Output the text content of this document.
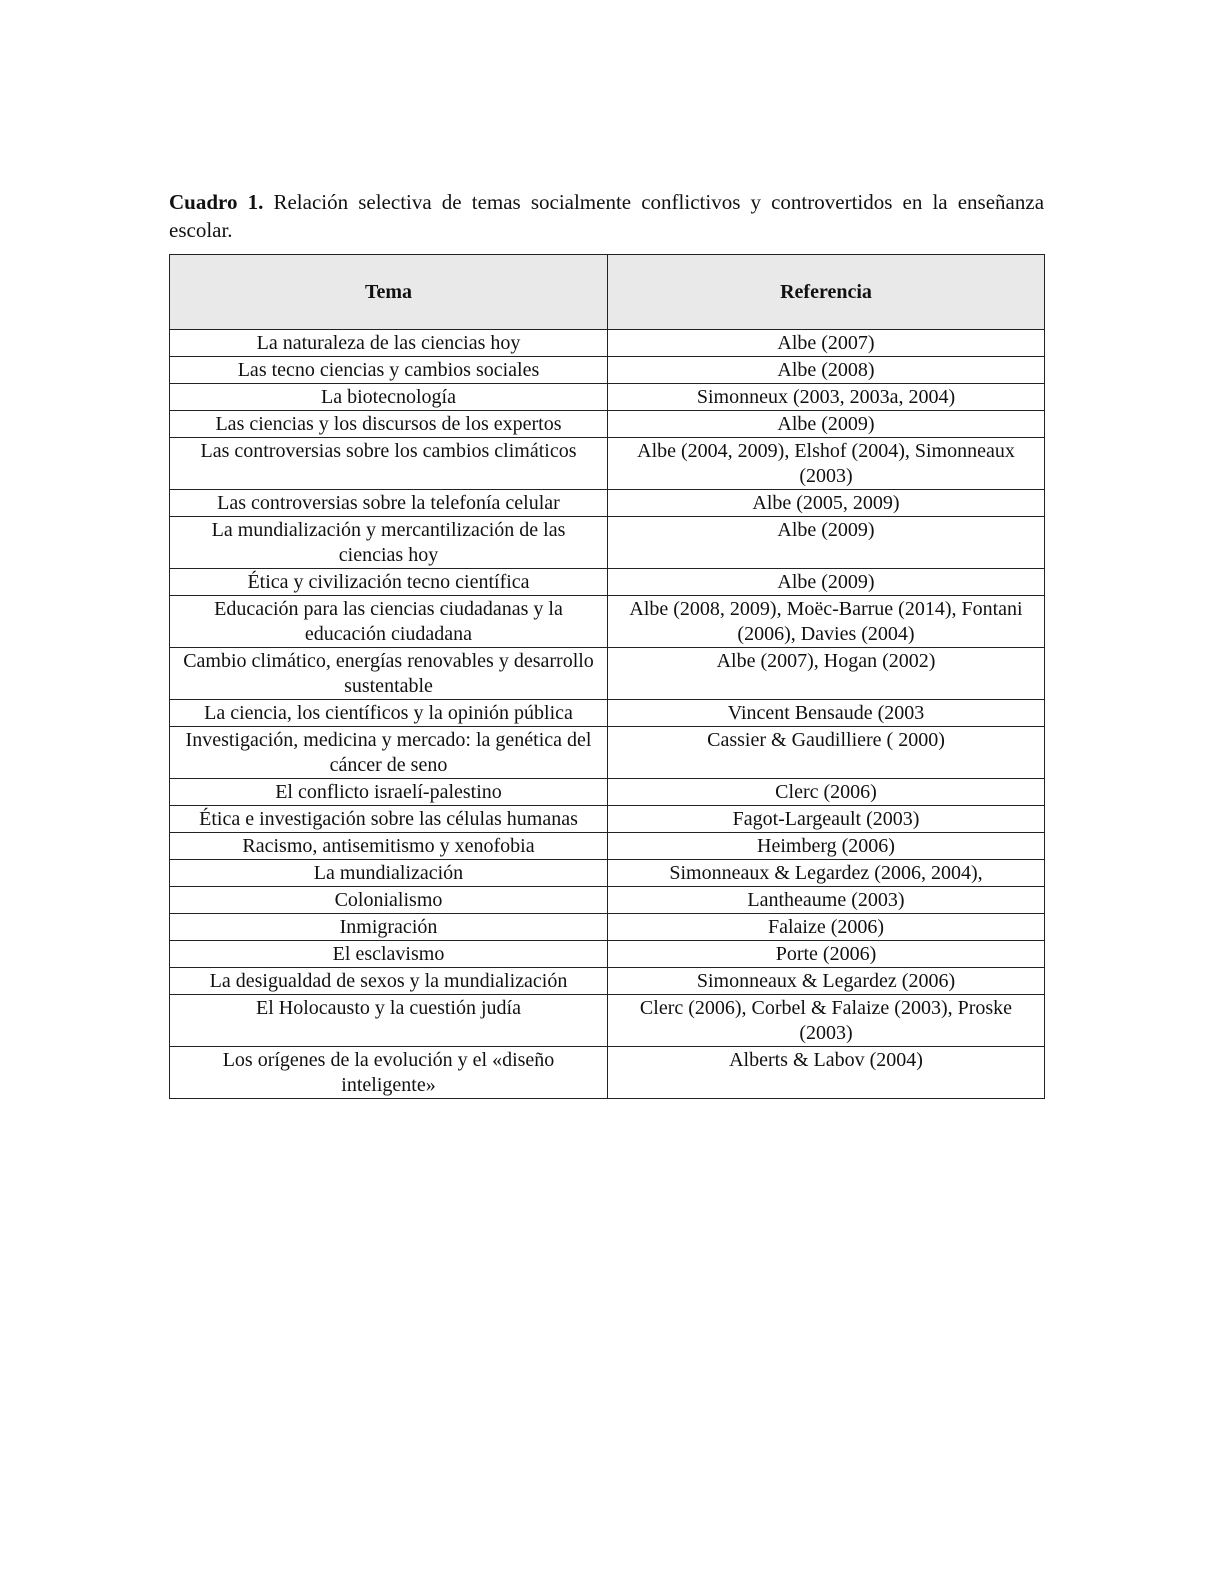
Cuadro 1. Relación selectiva de temas socialmente conflictivos y controvertidos en la enseñanza escolar.

Tema	Referencia
La naturaleza de las ciencias hoy	Albe (2007)
Las tecno ciencias y cambios sociales	Albe (2008)
La biotecnología	Simonneux (2003, 2003a, 2004)
Las ciencias y los discursos de los expertos	Albe (2009)
Las controversias sobre los cambios climáticos	Albe (2004, 2009), Elshof (2004), Simonneaux (2003)
Las controversias sobre la telefonía celular	Albe (2005, 2009)
La mundialización y mercantilización de las ciencias hoy	Albe (2009)
Ética y civilización tecno científica	Albe (2009)
Educación para las ciencias ciudadanas y la educación ciudadana	Albe (2008, 2009), Moëc-Barrue (2014), Fontani (2006), Davies (2004)
Cambio climático, energías renovables y desarrollo sustentable	Albe (2007), Hogan (2002)
La ciencia, los científicos y la opinión pública	Vincent Bensaude (2003
Investigación, medicina y mercado: la genética del cáncer de seno	Cassier & Gaudilliere ( 2000)
El conflicto israelí-palestino	Clerc (2006)
Ética e investigación sobre las células humanas	Fagot-Largeault (2003)
Racismo, antisemitismo y xenofobia	Heimberg (2006)
La mundialización	Simonneaux & Legardez (2006, 2004),
Colonialismo	Lantheaume (2003)
Inmigración	Falaize (2006)
El esclavismo	Porte (2006)
La desigualdad de sexos y la mundialización	Simonneaux & Legardez (2006)
El Holocausto y la cuestión judía	Clerc (2006), Corbel & Falaize (2003), Proske (2003)
Los orígenes de la evolución y el «diseño inteligente»	Alberts & Labov (2004)
